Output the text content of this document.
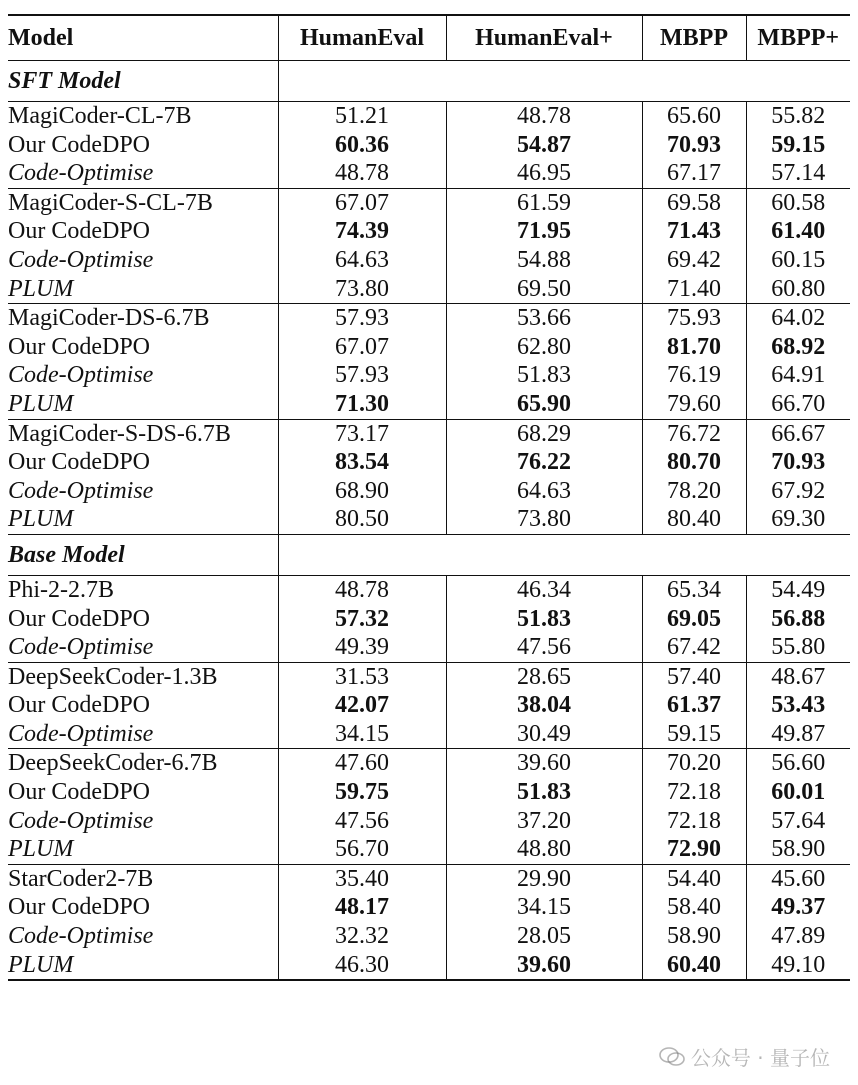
Model	HumanEval	HumanEval+	MBPP	MBPP+
SFT Model				
MagiCoder-CL-7B	51.21	48.78	65.60	55.82
Our CodeDPO	60.36	54.87	70.93	59.15
Code-Optimise	48.78	46.95	67.17	57.14
MagiCoder-S-CL-7B	67.07	61.59	69.58	60.58
Our CodeDPO	74.39	71.95	71.43	61.40
Code-Optimise	64.63	54.88	69.42	60.15
PLUM	73.80	69.50	71.40	60.80
MagiCoder-DS-6.7B	57.93	53.66	75.93	64.02
Our CodeDPO	67.07	62.80	81.70	68.92
Code-Optimise	57.93	51.83	76.19	64.91
PLUM	71.30	65.90	79.60	66.70
MagiCoder-S-DS-6.7B	73.17	68.29	76.72	66.67
Our CodeDPO	83.54	76.22	80.70	70.93
Code-Optimise	68.90	64.63	78.20	67.92
PLUM	80.50	73.80	80.40	69.30
Base Model				
Phi-2-2.7B	48.78	46.34	65.34	54.49
Our CodeDPO	57.32	51.83	69.05	56.88
Code-Optimise	49.39	47.56	67.42	55.80
DeepSeekCoder-1.3B	31.53	28.65	57.40	48.67
Our CodeDPO	42.07	38.04	61.37	53.43
Code-Optimise	34.15	30.49	59.15	49.87
DeepSeekCoder-6.7B	47.60	39.60	70.20	56.60
Our CodeDPO	59.75	51.83	72.18	60.01
Code-Optimise	47.56	37.20	72.18	57.64
PLUM	56.70	48.80	72.90	58.90
StarCoder2-7B	35.40	29.90	54.40	45.60
Our CodeDPO	48.17	34.15	58.40	49.37
Code-Optimise	32.32	28.05	58.90	47.89
PLUM	46.30	39.60	60.40	49.10
公众号 · 量子位
